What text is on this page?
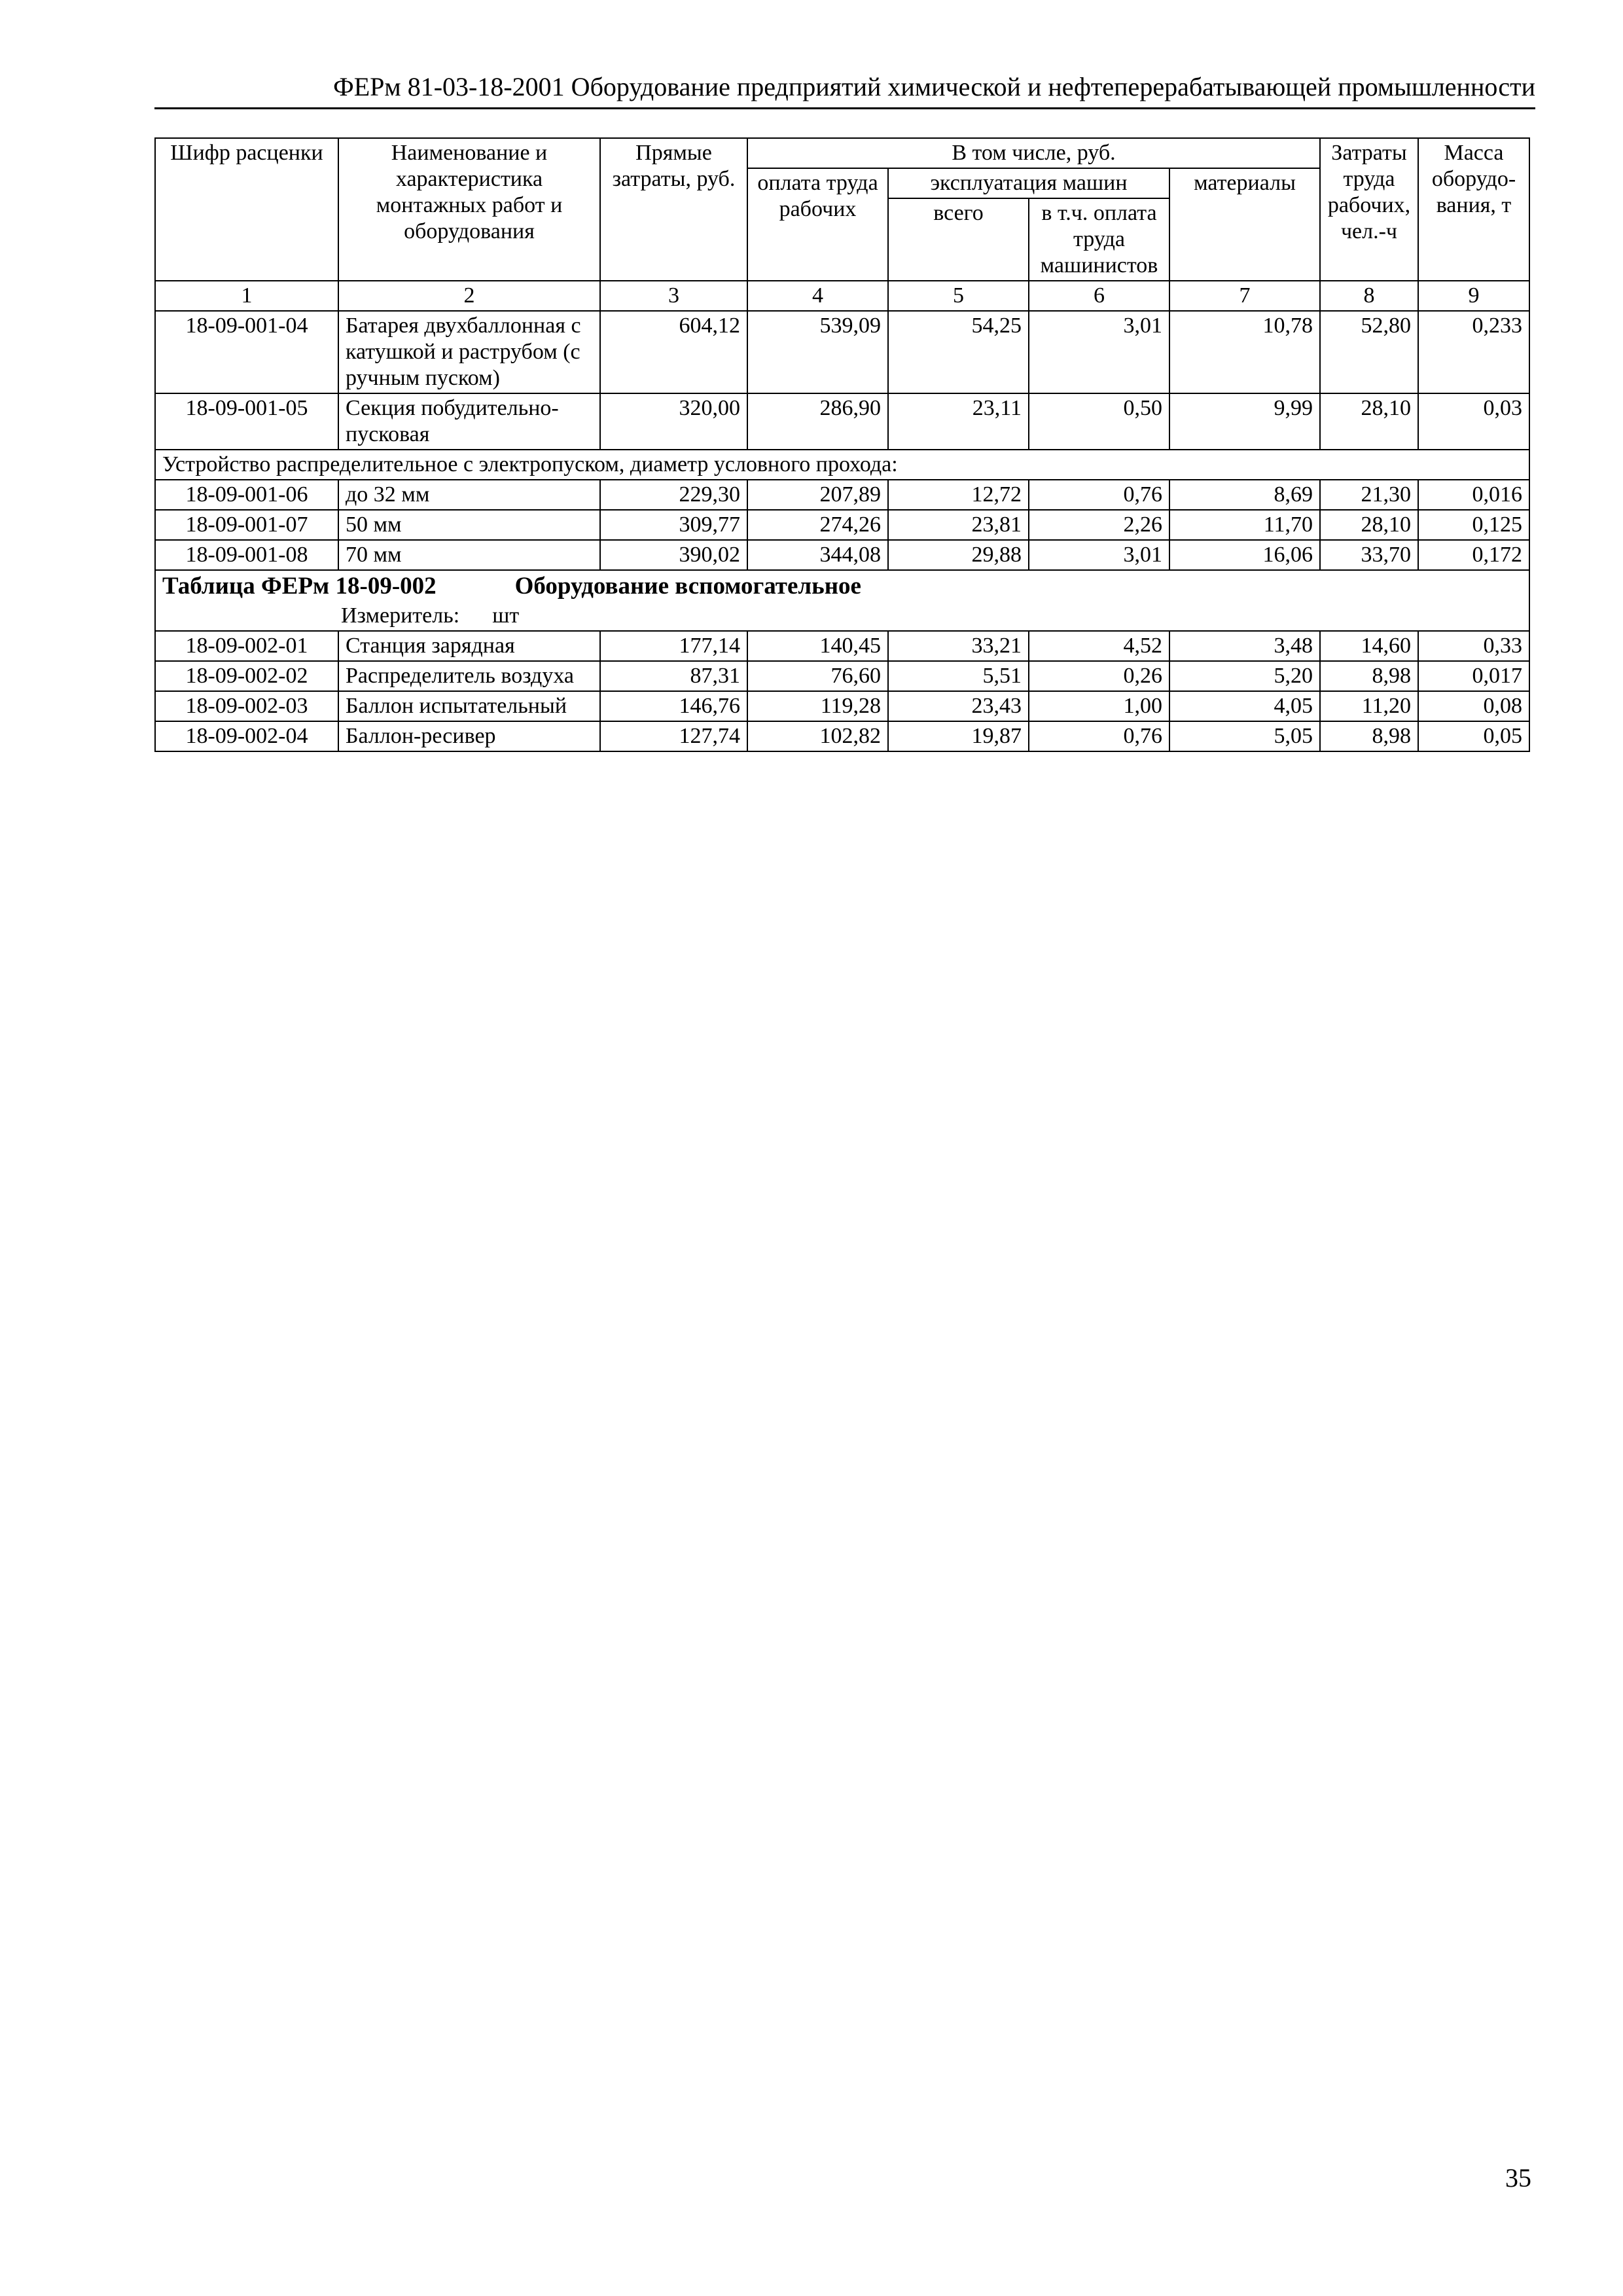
ФЕРм 81-03-18-2001 Оборудование предприятий химической и нефтеперерабатывающей промышленности
Шифр расценки	Наименование и характеристика монтажных работ и оборудования	Прямые затраты, руб.	В том числе, руб.				Затраты труда рабочих, чел.-ч	Масса оборудо-вания, т
			оплата труда рабочих	эксплуатация машин		материалы		
				всего	в т.ч. оплата труда машинистов			
1	2	3	4	5	6	7	8	9
18-09-001-04	Батарея двухбаллонная с катушкой и раструбом (с ручным пуском)	604,12	539,09	54,25	3,01	10,78	52,80	0,233
18-09-001-05	Секция побудительно-пусковая	320,00	286,90	23,11	0,50	9,99	28,10	0,03
Устройство распределительное с электропуском, диаметр условного прохода:								
18-09-001-06	до 32 мм	229,30	207,89	12,72	0,76	8,69	21,30	0,016
18-09-001-07	50 мм	309,77	274,26	23,81	2,26	11,70	28,10	0,125
18-09-001-08	70 мм	390,02	344,08	29,88	3,01	16,06	33,70	0,172
Таблица ФЕРм 18-09-002 Оборудование вспомогательное								
Измеритель: шт								
18-09-002-01	Станция зарядная	177,14	140,45	33,21	4,52	3,48	14,60	0,33
18-09-002-02	Распределитель воздуха	87,31	76,60	5,51	0,26	5,20	8,98	0,017
18-09-002-03	Баллон испытательный	146,76	119,28	23,43	1,00	4,05	11,20	0,08
18-09-002-04	Баллон-ресивер	127,74	102,82	19,87	0,76	5,05	8,98	0,05
35
